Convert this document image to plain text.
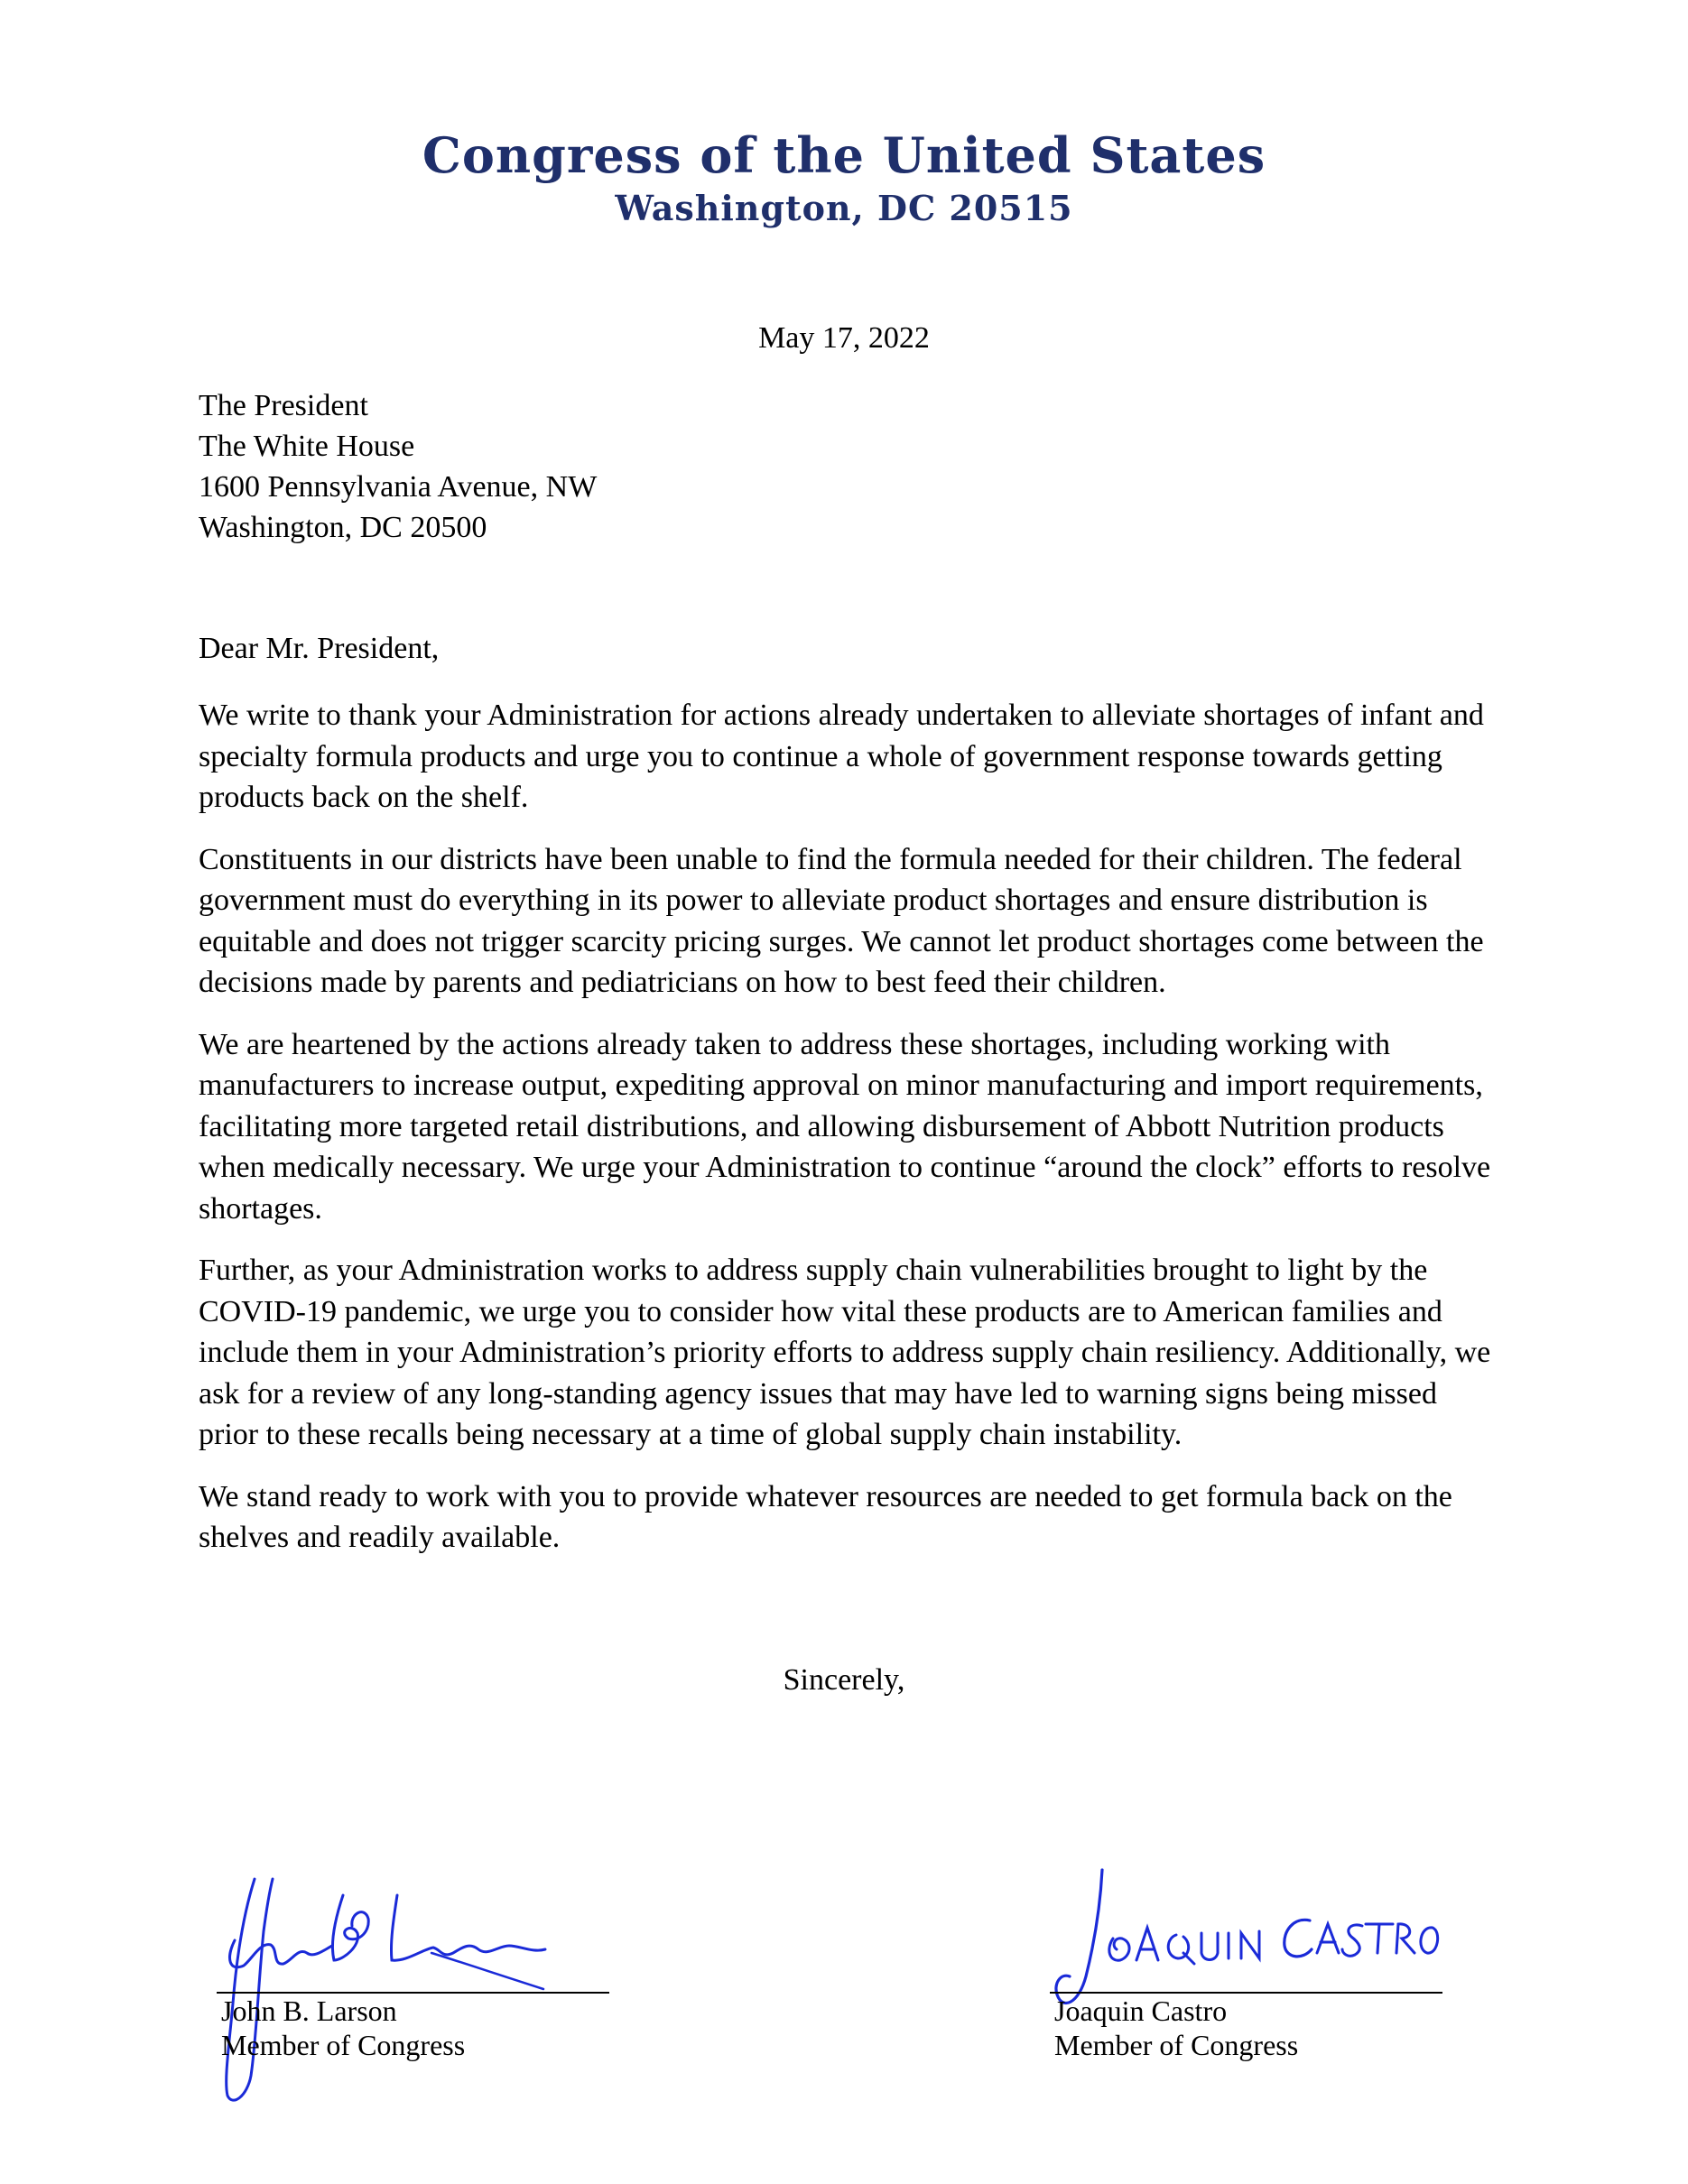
Congress of the United States
Washington, DC 20515
May 17, 2022
The President
The White House
1600 Pennsylvania Avenue, NW
Washington, DC 20500
Dear Mr. President,

We write to thank your Administration for actions already undertaken to alleviate shortages of infant and specialty formula products and urge you to continue a whole of government response towards getting products back on the shelf.

Constituents in our districts have been unable to find the formula needed for their children. The federal government must do everything in its power to alleviate product shortages and ensure distribution is equitable and does not trigger scarcity pricing surges. We cannot let product shortages come between the decisions made by parents and pediatricians on how to best feed their children.

We are heartened by the actions already taken to address these shortages, including working with manufacturers to increase output, expediting approval on minor manufacturing and import requirements, facilitating more targeted retail distributions, and allowing disbursement of Abbott Nutrition products when medically necessary. We urge your Administration to continue “around the clock” efforts to resolve shortages.

Further, as your Administration works to address supply chain vulnerabilities brought to light by the COVID-19 pandemic, we urge you to consider how vital these products are to American families and include them in your Administration’s priority efforts to address supply chain resiliency. Additionally, we ask for a review of any long-standing agency issues that may have led to warning signs being missed prior to these recalls being necessary at a time of global supply chain instability.

We stand ready to work with you to provide whatever resources are needed to get formula back on the shelves and readily available.

Sincerely,
John B. Larson
Member of Congress
Joaquin Castro
Member of Congress
